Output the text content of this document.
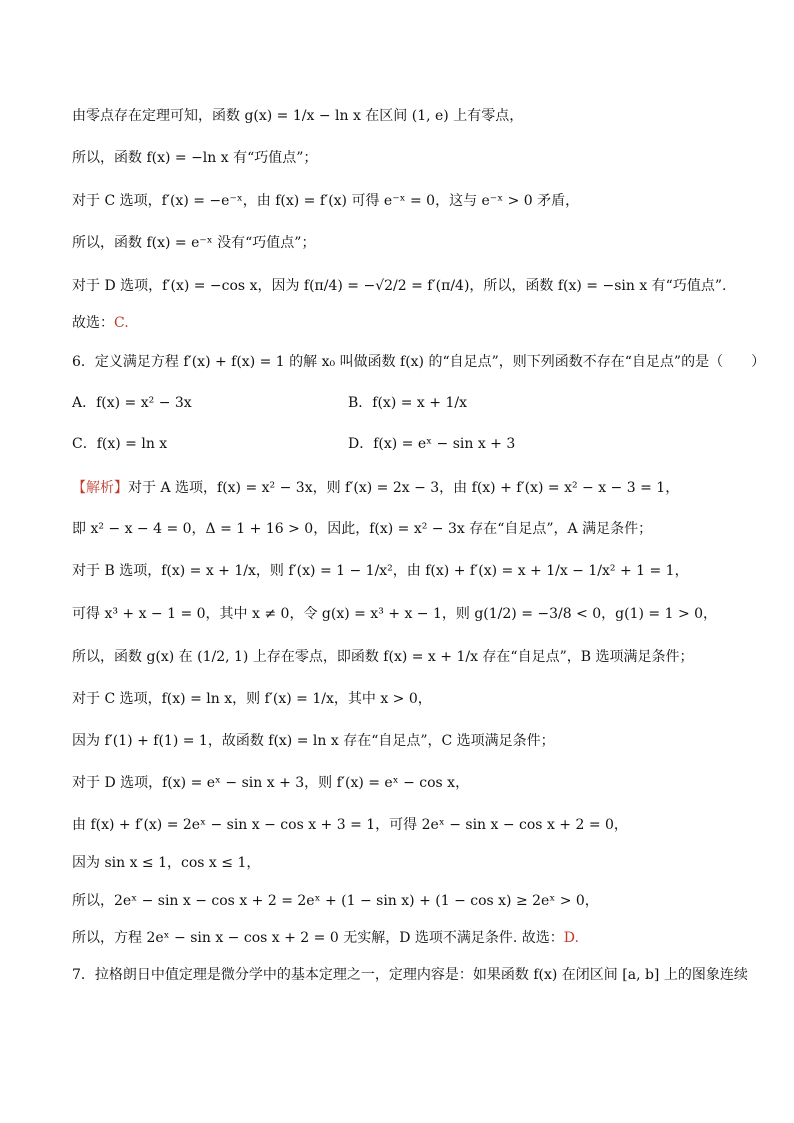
由零点存在定理可知，函数 g(x) = 1/x − ln x 在区间 (1, e) 上有零点，
所以，函数 f(x) = −ln x 有“巧值点”；
对于 C 选项，f′(x) = −e⁻ˣ，由 f(x) = f′(x) 可得 e⁻ˣ = 0，这与 e⁻ˣ > 0 矛盾，
所以，函数 f(x) = e⁻ˣ 没有“巧值点”；
对于 D 选项，f′(x) = −cos x，因为 f(π/4) = −√2/2 = f′(π/4)，所以，函数 f(x) = −sin x 有“巧值点”.
故选：C.
6．定义满足方程 f′(x) + f(x) = 1 的解 x₀ 叫做函数 f(x) 的“自足点”，则下列函数不存在“自足点”的是（　　）
A．f(x) = x² − 3x	B．f(x) = x + 1/x
C．f(x) = ln x	D．f(x) = eˣ − sin x + 3
【解析】对于 A 选项，f(x) = x² − 3x，则 f′(x) = 2x − 3，由 f(x) + f′(x) = x² − x − 3 = 1，
即 x² − x − 4 = 0，Δ = 1 + 16 > 0，因此，f(x) = x² − 3x 存在“自足点”，A 满足条件；
对于 B 选项，f(x) = x + 1/x，则 f′(x) = 1 − 1/x²，由 f(x) + f′(x) = x + 1/x − 1/x² + 1 = 1，
可得 x³ + x − 1 = 0，其中 x ≠ 0，令 g(x) = x³ + x − 1，则 g(1/2) = −3/8 < 0，g(1) = 1 > 0，
所以，函数 g(x) 在 (1/2, 1) 上存在零点，即函数 f(x) = x + 1/x 存在“自足点”，B 选项满足条件；
对于 C 选项，f(x) = ln x，则 f′(x) = 1/x，其中 x > 0，
因为 f′(1) + f(1) = 1，故函数 f(x) = ln x 存在“自足点”，C 选项满足条件；
对于 D 选项，f(x) = eˣ − sin x + 3，则 f′(x) = eˣ − cos x，
由 f(x) + f′(x) = 2eˣ − sin x − cos x + 3 = 1，可得 2eˣ − sin x − cos x + 2 = 0，
因为 sin x ≤ 1，cos x ≤ 1，
所以，2eˣ − sin x − cos x + 2 = 2eˣ + (1 − sin x) + (1 − cos x) ≥ 2eˣ > 0，
所以，方程 2eˣ − sin x − cos x + 2 = 0 无实解，D 选项不满足条件. 故选：D.
7．拉格朗日中值定理是微分学中的基本定理之一，定理内容是：如果函数 f(x) 在闭区间 [a, b] 上的图象连续
